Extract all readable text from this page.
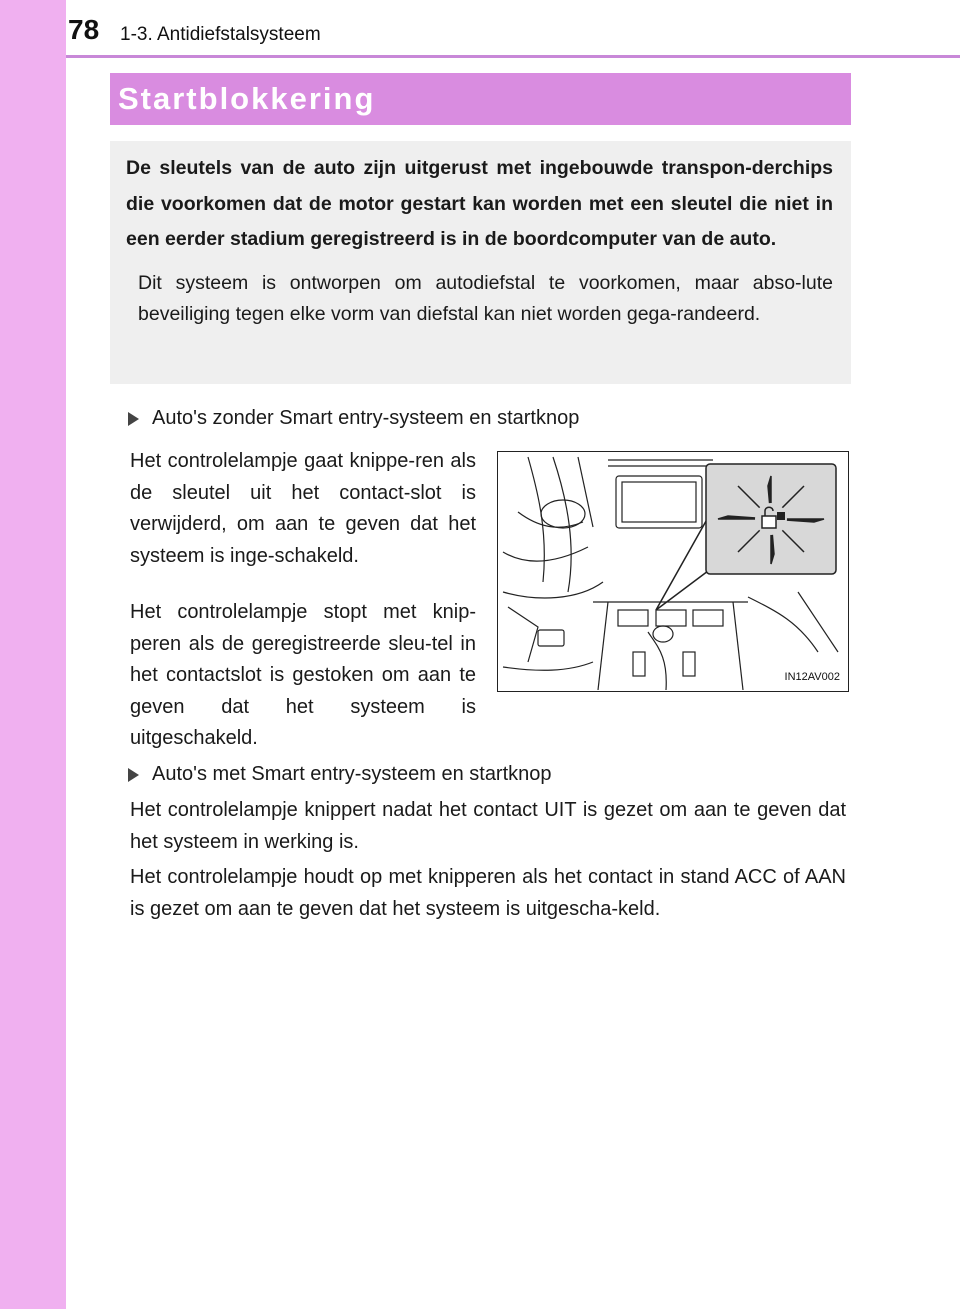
78 1-3. Antidiefstalsysteem
Startblokkering

De sleutels van de auto zijn uitgerust met ingebouwde transpon-derchips die voorkomen dat de motor gestart kan worden met een sleutel die niet in een eerder stadium geregistreerd is in de boordcomputer van de auto.

Dit systeem is ontworpen om autodiefstal te voorkomen, maar abso-lute beveiliging tegen elke vorm van diefstal kan niet worden gega-randeerd.

Auto's zonder Smart entry-systeem en startknop

Het controlelampje gaat knippe-ren als de sleutel uit het contact-slot is verwijderd, om aan te geven dat het systeem is inge-schakeld.

Het controlelampje stopt met knip-peren als de geregistreerde sleu-tel in het contactslot is gestoken om aan te geven dat het systeem is uitgeschakeld.

IN12AV002
Auto's met Smart entry-systeem en startknop

Het controlelampje knippert nadat het contact UIT is gezet om aan te geven dat het systeem in werking is.

Het controlelampje houdt op met knipperen als het contact in stand ACC of AAN is gezet om aan te geven dat het systeem is uitgescha-keld.
